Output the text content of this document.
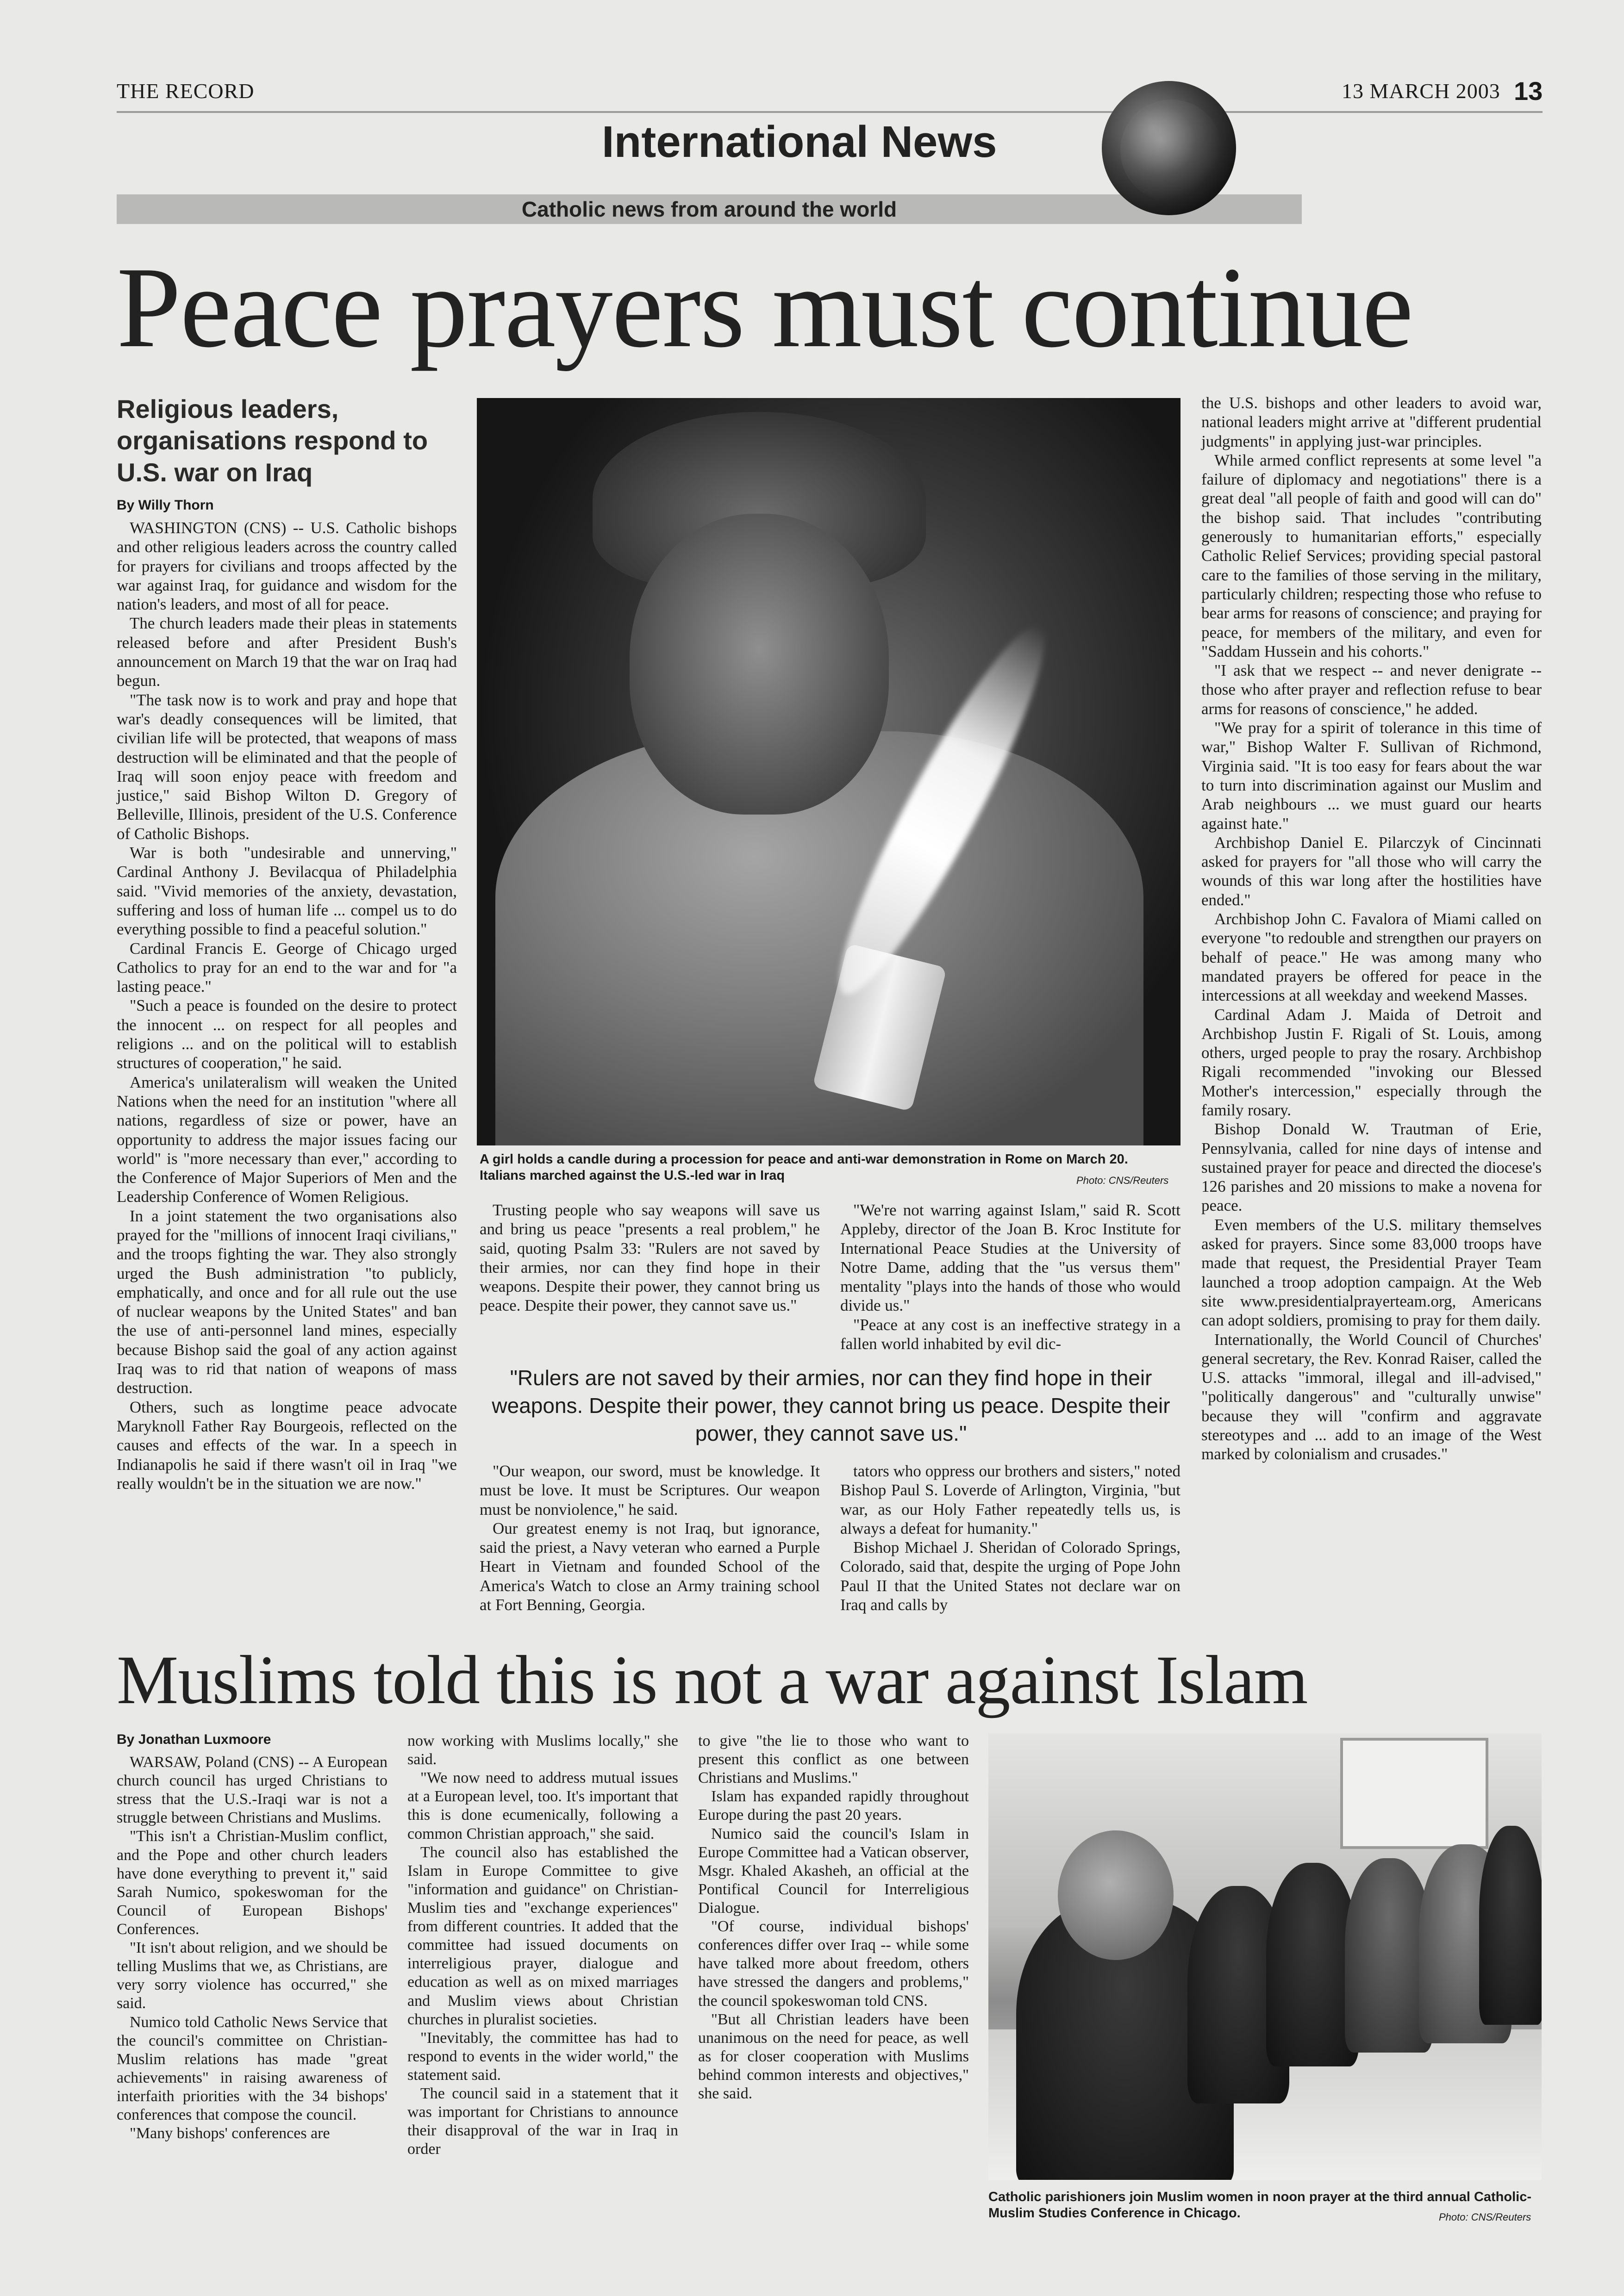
THE RECORD	13 MARCH 2003 13
International News
Catholic news from around the world
Peace prayers must continue
Religious leaders, organisations respond to U.S. war on Iraq
By Willy Thorn

WASHINGTON (CNS) -- U.S. Catholic bishops and other religious leaders across the country called for prayers for civilians and troops affected by the war against Iraq, for guidance and wisdom for the nation's leaders, and most of all for peace.

The church leaders made their pleas in statements released before and after President Bush's announcement on March 19 that the war on Iraq had begun.

"The task now is to work and pray and hope that war's deadly consequences will be limited, that civilian life will be protected, that weapons of mass destruction will be eliminated and that the people of Iraq will soon enjoy peace with freedom and justice," said Bishop Wilton D. Gregory of Belleville, Illinois, president of the U.S. Conference of Catholic Bishops.

War is both "undesirable and unnerving," Cardinal Anthony J. Bevilacqua of Philadelphia said. "Vivid memories of the anxiety, devastation, suffering and loss of human life ... compel us to do everything possible to find a peaceful solution."

Cardinal Francis E. George of Chicago urged Catholics to pray for an end to the war and for "a lasting peace."

"Such a peace is founded on the desire to protect the innocent ... on respect for all peoples and religions ... and on the political will to establish structures of cooperation," he said.

America's unilateralism will weaken the United Nations when the need for an institution "where all nations, regardless of size or power, have an opportunity to address the major issues facing our world" is "more necessary than ever," according to the Conference of Major Superiors of Men and the Leadership Conference of Women Religious.

In a joint statement the two organisations also prayed for the "millions of innocent Iraqi civilians," and the troops fighting the war. They also strongly urged the Bush administration "to publicly, emphatically, and once and for all rule out the use of nuclear weapons by the United States" and ban the use of anti-personnel land mines, especially because Bishop said the goal of any action against Iraq was to rid that nation of weapons of mass destruction.

Others, such as longtime peace advocate Maryknoll Father Ray Bourgeois, reflected on the causes and effects of the war. In a speech in Indianapolis he said if there wasn't oil in Iraq "we really wouldn't be in the situation we are now."

A girl holds a candle during a procession for peace and anti-war demonstration in Rome on March 20. Italians marched against the U.S.-led war in Iraq	Photo: CNS/Reuters

Trusting people who say weapons will save us and bring us peace "presents a real problem," he said, quoting Psalm 33: "Rulers are not saved by their armies, nor can they find hope in their weapons. Despite their power, they cannot bring us peace. Despite their power, they cannot save us."

"We're not warring against Islam," said R. Scott Appleby, director of the Joan B. Kroc Institute for International Peace Studies at the University of Notre Dame, adding that the "us versus them" mentality "plays into the hands of those who would divide us."

"Peace at any cost is an ineffective strategy in a fallen world inhabited by evil dic-

"Rulers are not saved by their armies, nor can they find hope in their weapons. Despite their power, they cannot bring us peace. Despite their power, they cannot save us."

"Our weapon, our sword, must be knowledge. It must be love. It must be Scriptures. Our weapon must be nonviolence," he said.

Our greatest enemy is not Iraq, but ignorance, said the priest, a Navy veteran who earned a Purple Heart in Vietnam and founded School of the America's Watch to close an Army training school at Fort Benning, Georgia.

tators who oppress our brothers and sisters," noted Bishop Paul S. Loverde of Arlington, Virginia, "but war, as our Holy Father repeatedly tells us, is always a defeat for humanity."

Bishop Michael J. Sheridan of Colorado Springs, Colorado, said that, despite the urging of Pope John Paul II that the United States not declare war on Iraq and calls by

the U.S. bishops and other leaders to avoid war, national leaders might arrive at "different prudential judgments" in applying just-war principles.

While armed conflict represents at some level "a failure of diplomacy and negotiations" there is a great deal "all people of faith and good will can do" the bishop said. That includes "contributing generously to humanitarian efforts," especially Catholic Relief Services; providing special pastoral care to the families of those serving in the military, particularly children; respecting those who refuse to bear arms for reasons of conscience; and praying for peace, for members of the military, and even for "Saddam Hussein and his cohorts."

"I ask that we respect -- and never denigrate -- those who after prayer and reflection refuse to bear arms for reasons of conscience," he added.

"We pray for a spirit of tolerance in this time of war," Bishop Walter F. Sullivan of Richmond, Virginia said. "It is too easy for fears about the war to turn into discrimination against our Muslim and Arab neighbours ... we must guard our hearts against hate."

Archbishop Daniel E. Pilarczyk of Cincinnati asked for prayers for "all those who will carry the wounds of this war long after the hostilities have ended."

Archbishop John C. Favalora of Miami called on everyone "to redouble and strengthen our prayers on behalf of peace." He was among many who mandated prayers be offered for peace in the intercessions at all weekday and weekend Masses.

Cardinal Adam J. Maida of Detroit and Archbishop Justin F. Rigali of St. Louis, among others, urged people to pray the rosary. Archbishop Rigali recommended "invoking our Blessed Mother's intercession," especially through the family rosary.

Bishop Donald W. Trautman of Erie, Pennsylvania, called for nine days of intense and sustained prayer for peace and directed the diocese's 126 parishes and 20 missions to make a novena for peace.

Even members of the U.S. military themselves asked for prayers. Since some 83,000 troops have made that request, the Presidential Prayer Team launched a troop adoption campaign. At the Web site www.presidentialprayerteam.org, Americans can adopt soldiers, promising to pray for them daily.

Internationally, the World Council of Churches' general secretary, the Rev. Konrad Raiser, called the U.S. attacks "immoral, illegal and ill-advised," "politically dangerous" and "culturally unwise" because they will "confirm and aggravate stereotypes and ... add to an image of the West marked by colonialism and crusades."

Muslims told this is not a war against Islam
By Jonathan Luxmoore

WARSAW, Poland (CNS) -- A European church council has urged Christians to stress that the U.S.-Iraqi war is not a struggle between Christians and Muslims.

"This isn't a Christian-Muslim conflict, and the Pope and other church leaders have done everything to prevent it," said Sarah Numico, spokeswoman for the Council of European Bishops' Conferences.

"It isn't about religion, and we should be telling Muslims that we, as Christians, are very sorry violence has occurred," she said.

Numico told Catholic News Service that the council's committee on Christian-Muslim relations has made "great achievements" in raising awareness of interfaith priorities with the 34 bishops' conferences that compose the council.

"Many bishops' conferences are

now working with Muslims locally," she said.

"We now need to address mutual issues at a European level, too. It's important that this is done ecumenically, following a common Christian approach," she said.

The council also has established the Islam in Europe Committee to give "information and guidance" on Christian-Muslim ties and "exchange experiences" from different countries. It added that the committee had issued documents on interreligious prayer, dialogue and education as well as on mixed marriages and Muslim views about Christian churches in pluralist societies.

"Inevitably, the committee has had to respond to events in the wider world," the statement said.

The council said in a statement that it was important for Christians to announce their disapproval of the war in Iraq in order

to give "the lie to those who want to present this conflict as one between Christians and Muslims."

Islam has expanded rapidly throughout Europe during the past 20 years.

Numico said the council's Islam in Europe Committee had a Vatican observer, Msgr. Khaled Akasheh, an official at the Pontifical Council for Interreligious Dialogue.

"Of course, individual bishops' conferences differ over Iraq -- while some have talked more about freedom, others have stressed the dangers and problems," the council spokeswoman told CNS.

"But all Christian leaders have been unanimous on the need for peace, as well as for closer cooperation with Muslims behind common interests and objectives," she said.

Catholic parishioners join Muslim women in noon prayer at the third annual Catholic-Muslim Studies Conference in Chicago.	Photo: CNS/Reuters
